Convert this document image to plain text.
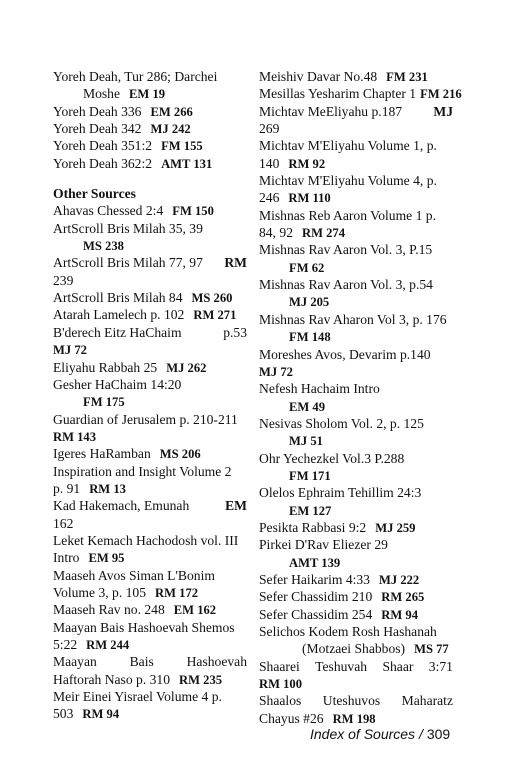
Yoreh Deah, Tur 286; Darchei
Moshe EM 19
Yoreh Deah 336 EM 266
Yoreh Deah 342 MJ 242
Yoreh Deah 351:2 FM 155
Yoreh Deah 362:2 AMT 131
Other Sources
Ahavas Chessed 2:4 FM 150
ArtScroll Bris Milah 35, 39
MS 238
ArtScroll Bris Milah 77, 97 RM
239
ArtScroll Bris Milah 84 MS 260
Atarah Lamelech p. 102 RM 271
B'derech Eitz HaChaim	p.53
MJ 72
Eliyahu Rabbah 25 MJ 262
Gesher HaChaim 14:20
FM 175
Guardian of Jerusalem p. 210-211
RM 143
Igeres HaRamban MS 206
Inspiration and Insight Volume 2
p. 91 RM 13
Kad Hakemach, Emunah	EM
162
Leket Kemach Hachodosh vol. III
Intro EM 95
Maaseh Avos Siman L'Bonim
Volume 3, p. 105 RM 172
Maaseh Rav no. 248 EM 162
Maayan Bais Hashoevah Shemos
5:22 RM 244
Maayan Bais Hashoevah
Haftorah Naso p. 310 RM 235
Meir Einei Yisrael Volume 4 p.
503 RM 94
Meishiv Davar No.48 FM 231
Mesillas Yesharim Chapter 1 FM 216
Michtav MeEliyahu p.187 MJ
269
Michtav M'Eliyahu Volume 1, p.
140 RM 92
Michtav M'Eliyahu Volume 4, p.
246 RM 110
Mishnas Reb Aaron Volume 1 p.
84, 92 RM 274
Mishnas Rav Aaron Vol. 3, P.15
FM 62
Mishnas Rav Aaron Vol. 3, p.54
MJ 205
Mishnas Rav Aharon Vol 3, p. 176
FM 148
Moreshes Avos, Devarim p.140
MJ 72
Nefesh Hachaim Intro
EM 49
Nesivas Sholom Vol. 2, p. 125
MJ 51
Ohr Yechezkel Vol.3 P.288
FM 171
Olelos Ephraim Tehillim 24:3
EM 127
Pesikta Rabbasi 9:2 MJ 259
Pirkei D'Rav Eliezer 29
AMT 139
Sefer Haikarim 4:33 MJ 222
Sefer Chassidim 210 RM 265
Sefer Chassidim 254 RM 94
Selichos Kodem Rosh Hashanah
(Motzaei Shabbos) MS 77
Shaarei Teshuvah Shaar 3:71
RM 100
Shaalos Uteshuvos Maharatz
Chayus #26 RM 198
Index of Sources / 309
